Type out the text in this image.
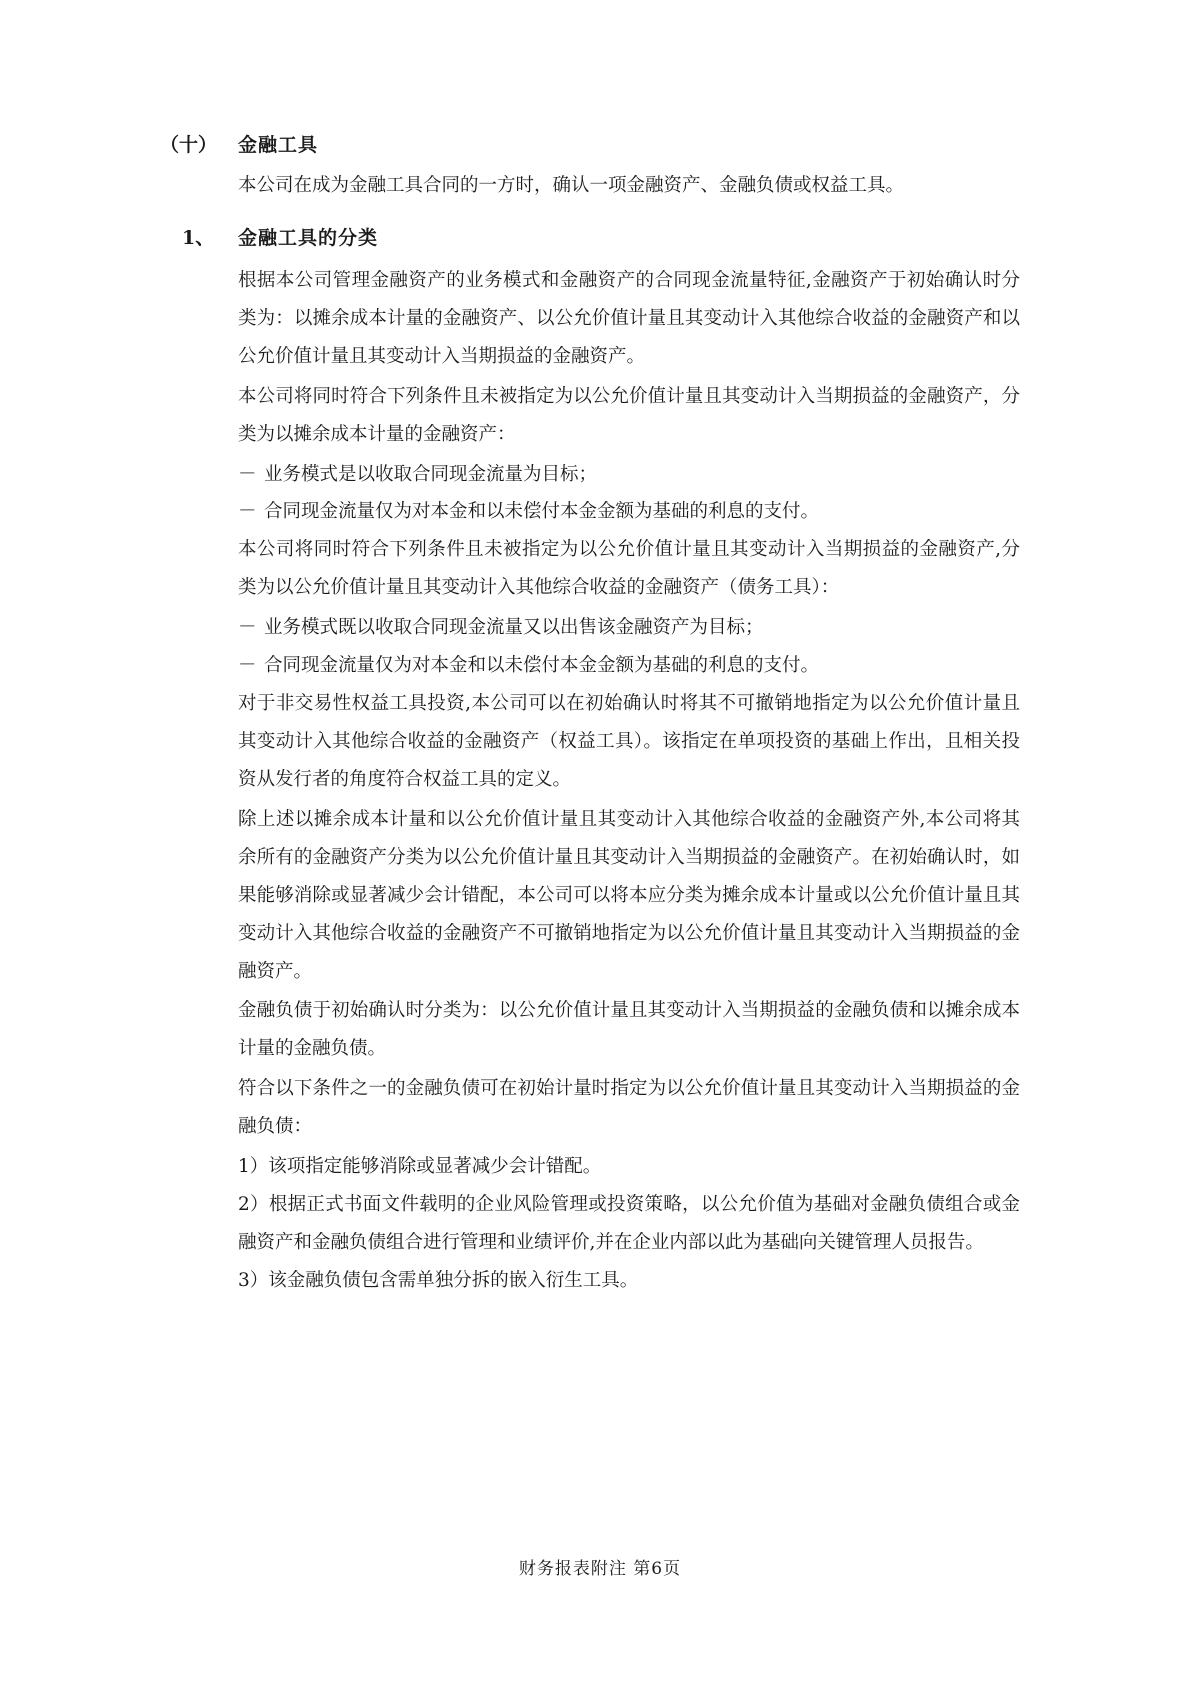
（十）	金融工具

本公司在成为金融工具合同的一方时，确认一项金融资产、金融负债或权益工具。

1、	金融工具的分类

根据本公司管理金融资产的业务模式和金融资产的合同现金流量特征,金融资产于初始确认时分类为：以摊余成本计量的金融资产、以公允价值计量且其变动计入其他综合收益的金融资产和以公允价值计量且其变动计入当期损益的金融资产。

本公司将同时符合下列条件且未被指定为以公允价值计量且其变动计入当期损益的金融资产，分类为以摊余成本计量的金融资产：

－ 业务模式是以收取合同现金流量为目标；
－ 合同现金流量仅为对本金和以未偿付本金金额为基础的利息的支付。

本公司将同时符合下列条件且未被指定为以公允价值计量且其变动计入当期损益的金融资产,分类为以公允价值计量且其变动计入其他综合收益的金融资产（债务工具）：

－ 业务模式既以收取合同现金流量又以出售该金融资产为目标；
－ 合同现金流量仅为对本金和以未偿付本金金额为基础的利息的支付。

对于非交易性权益工具投资,本公司可以在初始确认时将其不可撤销地指定为以公允价值计量且其变动计入其他综合收益的金融资产（权益工具）。该指定在单项投资的基础上作出，且相关投资从发行者的角度符合权益工具的定义。

除上述以摊余成本计量和以公允价值计量且其变动计入其他综合收益的金融资产外,本公司将其余所有的金融资产分类为以公允价值计量且其变动计入当期损益的金融资产。在初始确认时，如果能够消除或显著减少会计错配，本公司可以将本应分类为摊余成本计量或以公允价值计量且其变动计入其他综合收益的金融资产不可撤销地指定为以公允价值计量且其变动计入当期损益的金融资产。

金融负债于初始确认时分类为：以公允价值计量且其变动计入当期损益的金融负债和以摊余成本计量的金融负债。

符合以下条件之一的金融负债可在初始计量时指定为以公允价值计量且其变动计入当期损益的金融负债：

1）该项指定能够消除或显著减少会计错配。

2）根据正式书面文件载明的企业风险管理或投资策略，以公允价值为基础对金融负债组合或金融资产和金融负债组合进行管理和业绩评价,并在企业内部以此为基础向关键管理人员报告。

3）该金融负债包含需单独分拆的嵌入衍生工具。

财务报表附注 第6页
